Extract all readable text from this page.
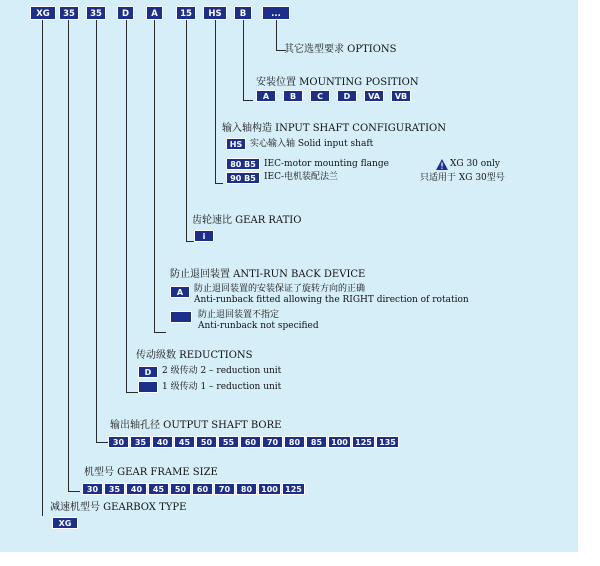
XG	35	35	D	A	15	HS	B	...
其它选型要求 OPTIONS
安装位置 MOUNTING POSITION
A	B	C	D	VA	VB
输入轴构造 INPUT SHAFT CONFIGURATION
HS 实心输入轴 Solid input shaft
80 B5
90 B5
IEC-motor mounting flange
IEC-电机装配法兰
XG 30 only
只适用于 XG 30型号
齿轮速比 GEAR RATIO
i
防止退回装置 ANTI-RUN BACK DEVICE
A	防止退回装置的安装保证了旋转方向的正确
Anti-runback fitted allowing the RIGHT direction of rotation
防止退回装置不指定
Anti-runback not specified
传动级数 REDUCTIONS
D	2 级传动 2 – reduction unit
1 级传动 1 – reduction unit
输出轴孔径 OUTPUT SHAFT BORE
30	35	40	45	50	55	60	70	80	85	100 125 135
机型号 GEAR FRAME SIZE
30	35	40	45	50	60	70	80	100 125
减速机型号 GEARBOX TYPE
XG
